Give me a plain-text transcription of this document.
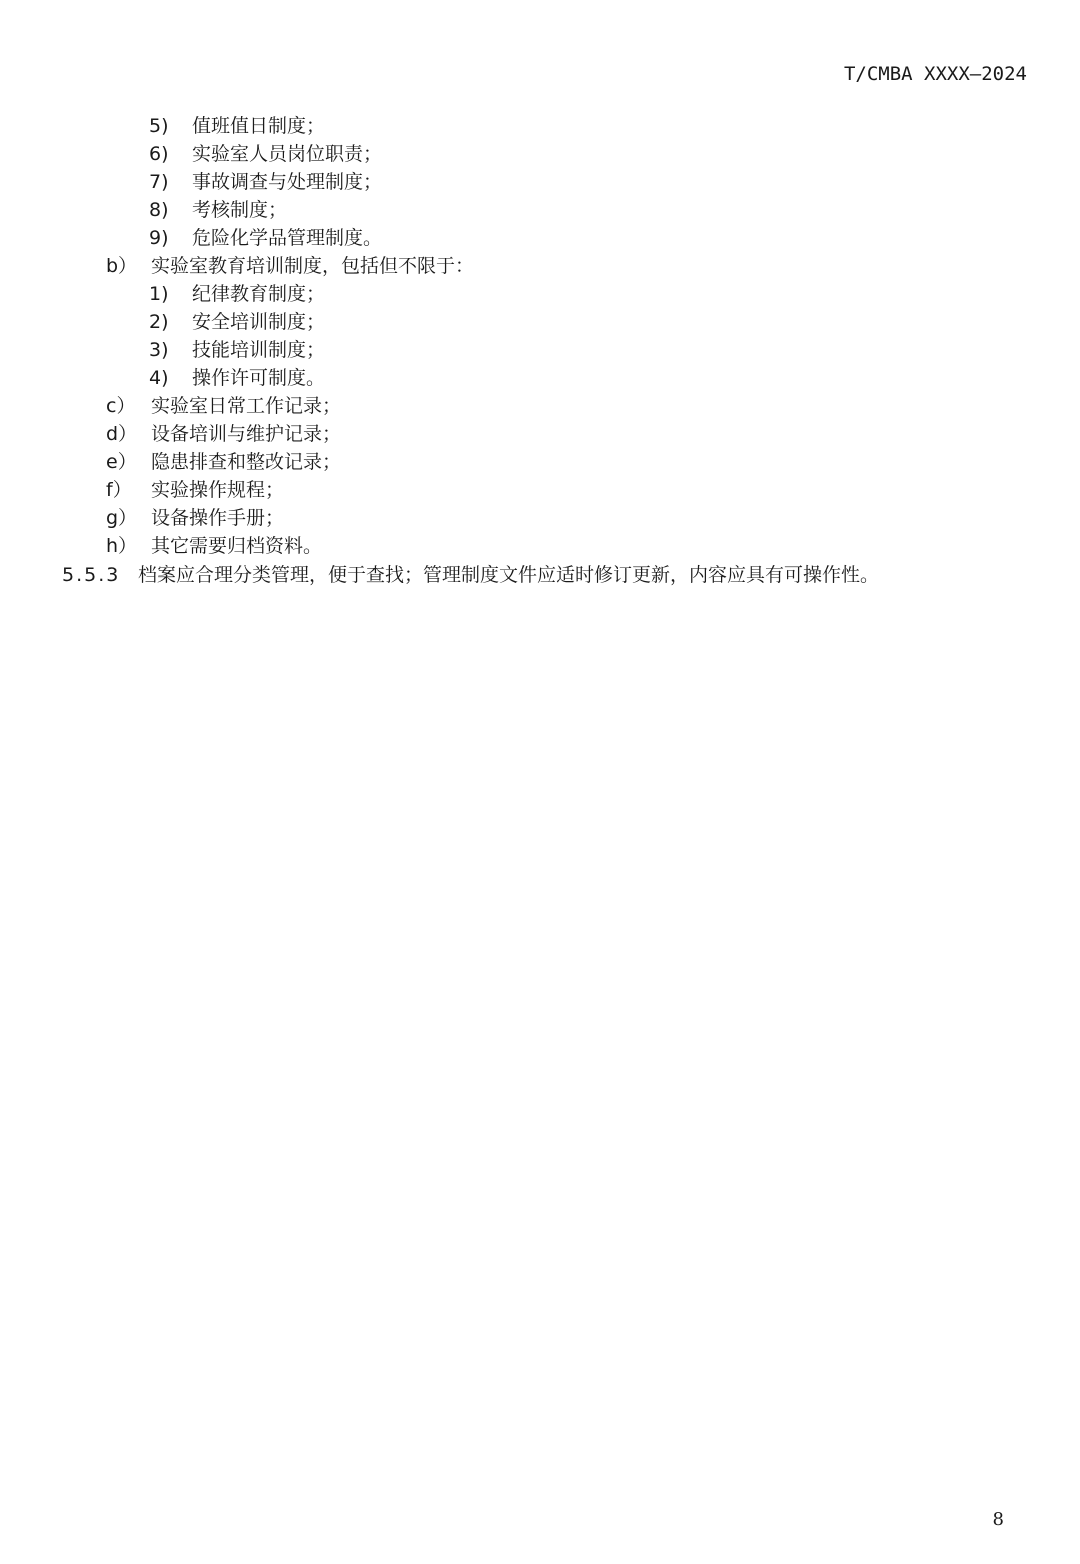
T/CMBA XXXX—2024
5) 值班值日制度；
6) 实验室人员岗位职责；
7) 事故调查与处理制度；
8) 考核制度；
9) 危险化学品管理制度。
b） 实验室教育培训制度，包括但不限于：
1) 纪律教育制度；
2) 安全培训制度；
3) 技能培训制度；
4) 操作许可制度。
c） 实验室日常工作记录；
d） 设备培训与维护记录；
e） 隐患排查和整改记录；
f） 实验操作规程；
g） 设备操作手册；
h） 其它需要归档资料。
5.5.3 档案应合理分类管理，便于查找；管理制度文件应适时修订更新，内容应具有可操作性。
8
